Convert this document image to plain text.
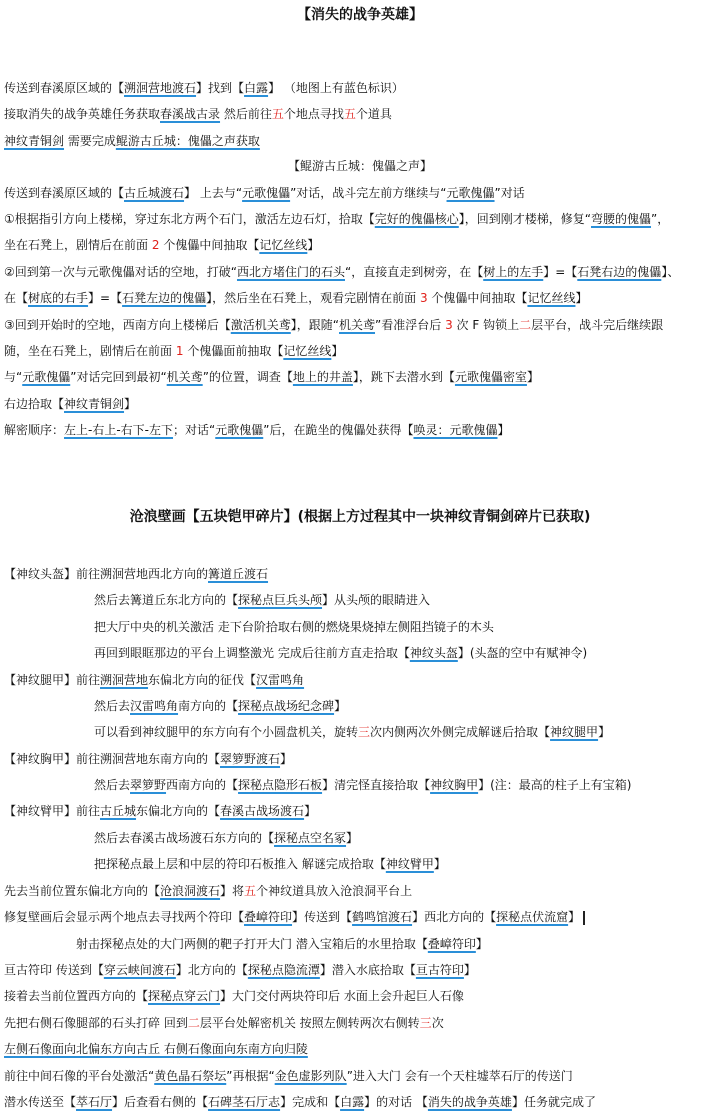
【消失的战争英雄】
传送到春溪原区域的【溯洄营地渡石】找到【白露】 （地图上有蓝色标识）
接取消失的战争英雄任务获取春溪战古录 然后前往五个地点寻找五个道具
神纹青铜剑 需要完成鲲游古丘城：傀儡之声获取
【鲲游古丘城：傀儡之声】
传送到春溪原区域的【古丘城渡石】 上去与“元歌傀儡”对话，战斗完左前方继续与“元歌傀儡”对话
①根据指引方向上楼梯，穿过东北方两个石门，激活左边石灯，拾取【完好的傀儡核心】，回到刚才楼梯，修复“弯腰的傀儡”，
坐在石凳上，剧情后在前面 2 个傀儡中间抽取【记忆丝线】
②回到第一次与元歌傀儡对话的空地，打破“西北方堵住门的石头“，直接直走到树旁，在【树上的左手】=【石凳右边的傀儡】、
在【树底的右手】=【石凳左边的傀儡】，然后坐在石凳上，观看完剧情在前面 3 个傀儡中间抽取【记忆丝线】
③回到开始时的空地，西南方向上楼梯后【激活机关鸢】，跟随“机关鸢”看准浮台后 3 次 F 钩锁上二层平台，战斗完后继续跟
随，坐在石凳上，剧情后在前面 1 个傀儡面前抽取【记忆丝线】
与“元歌傀儡”对话完回到最初“机关鸢”的位置，调查【地上的井盖】，跳下去潜水到【元歌傀儡密室】
右边拾取【神纹青铜剑】
解密顺序：左上-右上-右下-左下；对话“元歌傀儡”后，在跪坐的傀儡处获得【唤灵：元歌傀儡】
沧浪壁画【五块铠甲碎片】(根据上方过程其中一块神纹青铜剑碎片已获取)
【神纹头盔】前往溯洄营地西北方向的篝道丘渡石
然后去篝道丘东北方向的【探秘点巨兵头颅】从头颅的眼睛进入
把大厅中央的机关激活 走下台阶拾取右侧的燃烧果烧掉左侧阻挡镜子的木头
再回到眼眶那边的平台上调整激光 完成后往前方直走拾取【神纹头盔】(头盔的空中有赋神令)
【神纹腿甲】前往溯洄营地东偏北方向的征伐【汉雷鸣角
然后去汉雷鸣角南方向的【探秘点战场纪念碑】
可以看到神纹腿甲的东方向有个小圆盘机关，旋转三次内侧两次外侧完成解谜后拾取【神纹腿甲】
【神纹胸甲】前往溯洄营地东南方向的【翠箩野渡石】
然后去翠箩野西南方向的【探秘点隐形石板】清完怪直接拾取【神纹胸甲】(注：最高的柱子上有宝箱)
【神纹臂甲】前往古丘城东偏北方向的【春溪古战场渡石】
然后去春溪古战场渡石东方向的【探秘点空名冢】
把探秘点最上层和中层的符印石板推入 解谜完成拾取【神纹臂甲】
先去当前位置东偏北方向的【沧浪洞渡石】将五个神纹道具放入沧浪洞平台上
修复壁画后会显示两个地点去寻找两个符印【叠嶂符印】传送到【鹤鸣馆渡石】西北方向的【探秘点伏流窟】
射击探秘点处的大门两侧的靶子打开大门 潜入宝箱后的水里拾取【叠嶂符印】
亘古符印 传送到【穿云峡间渡石】北方向的【探秘点隐流潭】潜入水底拾取【亘古符印】
接着去当前位置西方向的【探秘点穿云门】大门交付两块符印后 水面上会升起巨人石像
先把右侧石像腿部的石头打碎 回到二层平台处解密机关 按照左侧转两次右侧转三次
左侧石像面向北偏东方向古丘 右侧石像面向东南方向归陵
前往中间石像的平台处激活“黄色晶石祭坛”再根据“金色虚影列队”进入大门 会有一个天柱墟萃石厅的传送门
潜水传送至【萃石厅】后查看右侧的【石碑茎石厅志】完成和【白露】的对话 【消失的战争英雄】任务就完成了
